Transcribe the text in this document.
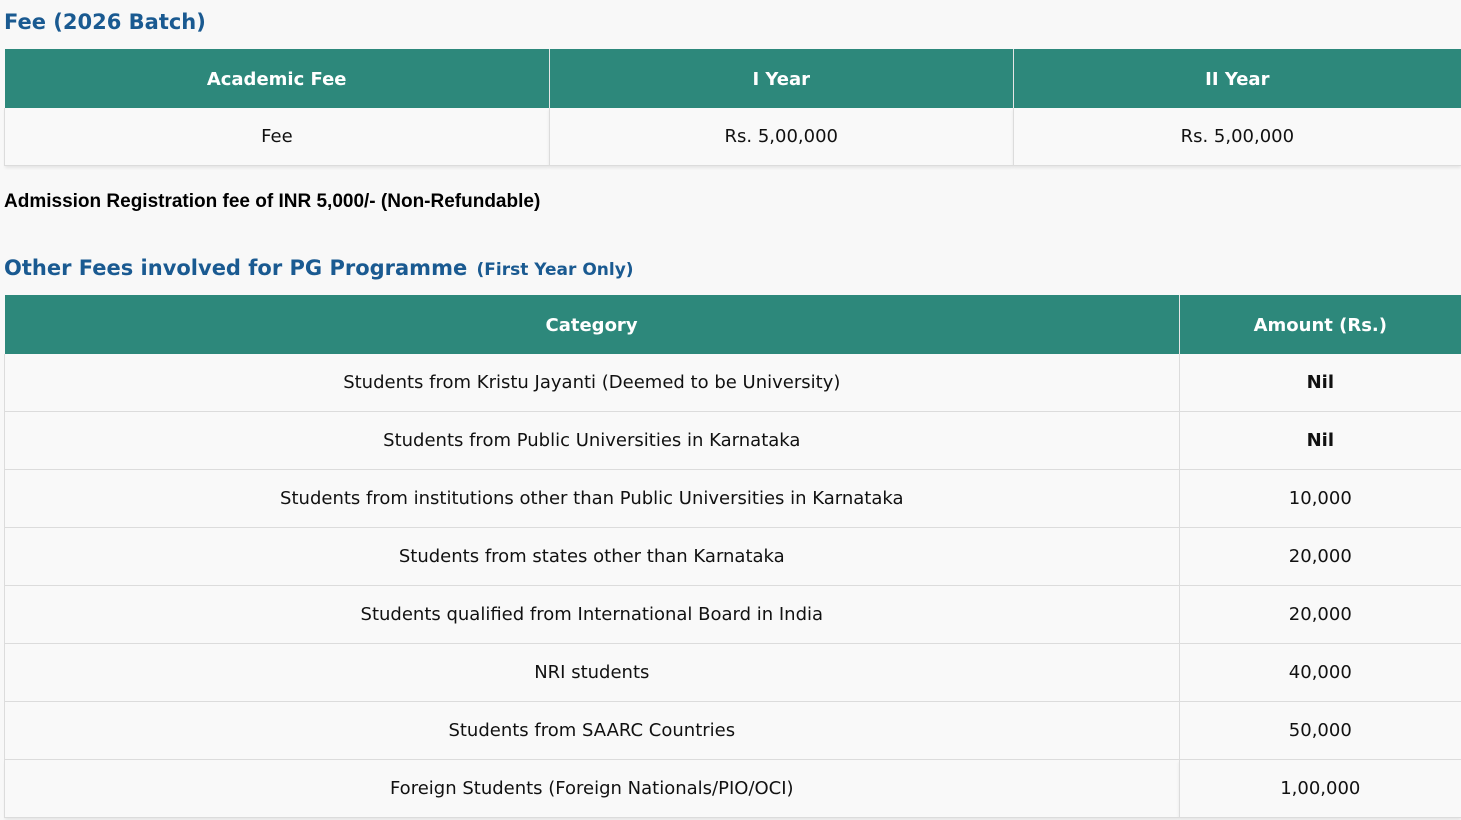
Fee (2026 Batch)
Academic Fee	I Year	II Year
Fee	Rs. 5,00,000	Rs. 5,00,000

Admission Registration fee of INR 5,000/- (Non-Refundable)

Other Fees involved for PG Programme (First Year Only)
Category	Amount (Rs.)
Students from Kristu Jayanti (Deemed to be University)	Nil
Students from Public Universities in Karnataka	Nil
Students from institutions other than Public Universities in Karnataka	10,000
Students from states other than Karnataka	20,000
Students qualified from International Board in India	20,000
NRI students	40,000
Students from SAARC Countries	50,000
Foreign Students (Foreign Nationals/PIO/OCI)	1,00,000
